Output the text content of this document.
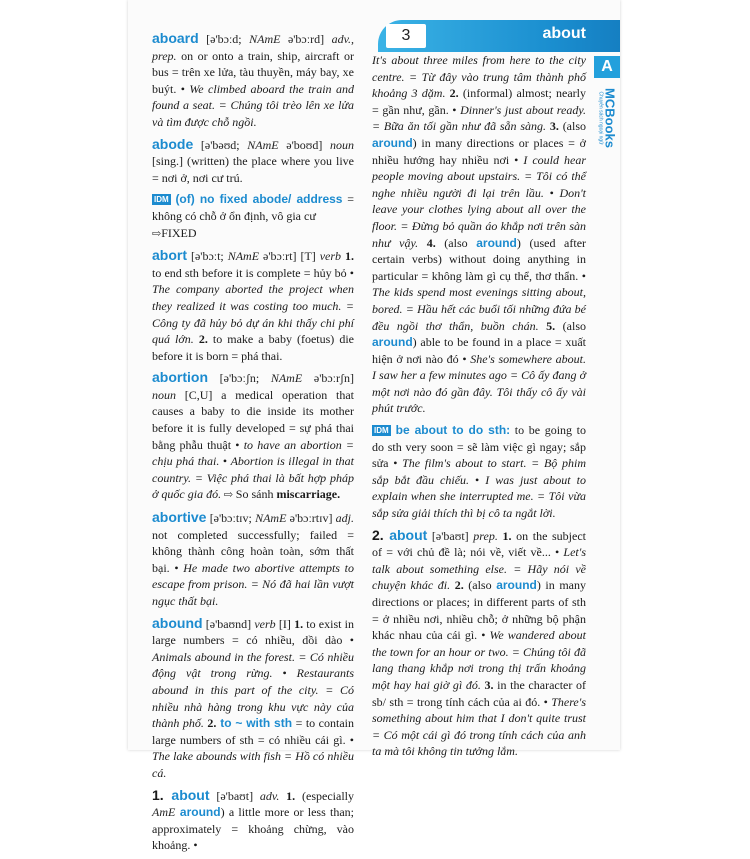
3	about
A
MCBooks
Chuyên sách ngoại ngữ
aboard [ə'bɔːd; NAmE ə'bɔːrd] adv., prep. on or onto a train, ship, aircraft or bus = trên xe lửa, tàu thuyền, máy bay, xe buýt. • We climbed aboard the train and found a seat. = Chúng tôi trèo lên xe lửa và tìm được chỗ ngồi.
abode [ə'bəʊd; NAmE ə'boʊd] noun [sing.] (written) the place where you live = nơi ở, nơi cư trú.
IDM (of) no fixed abode/ address = không có chỗ ở ổn định, vô gia cư
⇨FIXED
abort [ə'bɔːt; NAmE ə'bɔːrt] [T] verb 1. to end sth before it is complete = hủy bỏ • The company aborted the project when they realized it was costing too much. = Công ty đã hủy bỏ dự án khi thấy chi phí quá lớn. 2. to make a baby (foetus) die before it is born = phá thai.
abortion [ə'bɔːʃn; NAmE ə'bɔːrʃn] noun [C,U] a medical operation that causes a baby to die inside its mother before it is fully developed = sự phá thai bằng phẫu thuật • to have an abortion = chịu phá thai. • Abortion is illegal in that country. = Việc phá thai là bất hợp pháp ở quốc gia đó. ⇨ So sánh miscarriage.
abortive [ə'bɔːtɪv; NAmE ə'bɔːrtɪv] adj. not completed successfully; failed = không thành công hoàn toàn, sớm thất bại. • He made two abortive attempts to escape from prison. = Nó đã hai lần vượt ngục thất bại.
abound [ə'baʊnd] verb [I] 1. to exist in large numbers = có nhiều, dồi dào • Animals abound in the forest. = Có nhiều động vật trong rừng. • Restaurants abound in this part of the city. = Có nhiều nhà hàng trong khu vực này của thành phố. 2. to ~ with sth = to contain large numbers of sth = có nhiều cái gì. • The lake abounds with fish = Hồ có nhiều cá.
1. about [ə'baʊt] adv. 1. (especially AmE around) a little more or less than; approximately = khoảng chừng, vào khoảng. •
It's about three miles from here to the city centre. = Từ đây vào trung tâm thành phố khoảng 3 dặm. 2. (informal) almost; nearly = gần như, gần. • Dinner's just about ready. = Bữa ăn tối gần như đã sẵn sàng. 3. (also around) in many directions or places = ở nhiều hướng hay nhiều nơi • I could hear people moving about upstairs. = Tôi có thể nghe nhiều người đi lại trên lầu. • Don't leave your clothes lying about all over the floor. = Đừng bỏ quần áo khắp nơi trên sàn như vậy. 4. (also around) (used after certain verbs) without doing anything in particular = không làm gì cụ thể, thơ thẩn. • The kids spend most evenings sitting about, bored. = Hầu hết các buổi tối những đứa bé đều ngồi thơ thẩn, buồn chán. 5. (also around) able to be found in a place = xuất hiện ở nơi nào đó • She's somewhere about. I saw her a few minutes ago = Cô ấy đang ở một nơi nào đó gần đây. Tôi thấy cô ấy vài phút trước.
IDM be about to do sth: to be going to do sth very soon = sẽ làm việc gì ngay; sắp sửa • The film's about to start. = Bộ phim sắp bắt đầu chiếu. • I was just about to explain when she interrupted me. = Tôi vừa sắp sửa giải thích thì bị cô ta ngắt lời.
2. about [ə'baʊt] prep. 1. on the subject of = với chủ đề là; nói về, viết về... • Let's talk about something else. = Hãy nói về chuyện khác đi. 2. (also around) in many directions or places; in different parts of sth = ở nhiều nơi, nhiều chỗ; ở những bộ phận khác nhau của cái gì. • We wandered about the town for an hour or two. = Chúng tôi đã lang thang khắp nơi trong thị trấn khoảng một hay hai giờ gì đó. 3. in the character of sb/ sth = trong tính cách của ai đó. • There's something about him that I don't quite trust = Có một cái gì đó trong tính cách của anh ta mà tôi không tin tưởng lắm.
